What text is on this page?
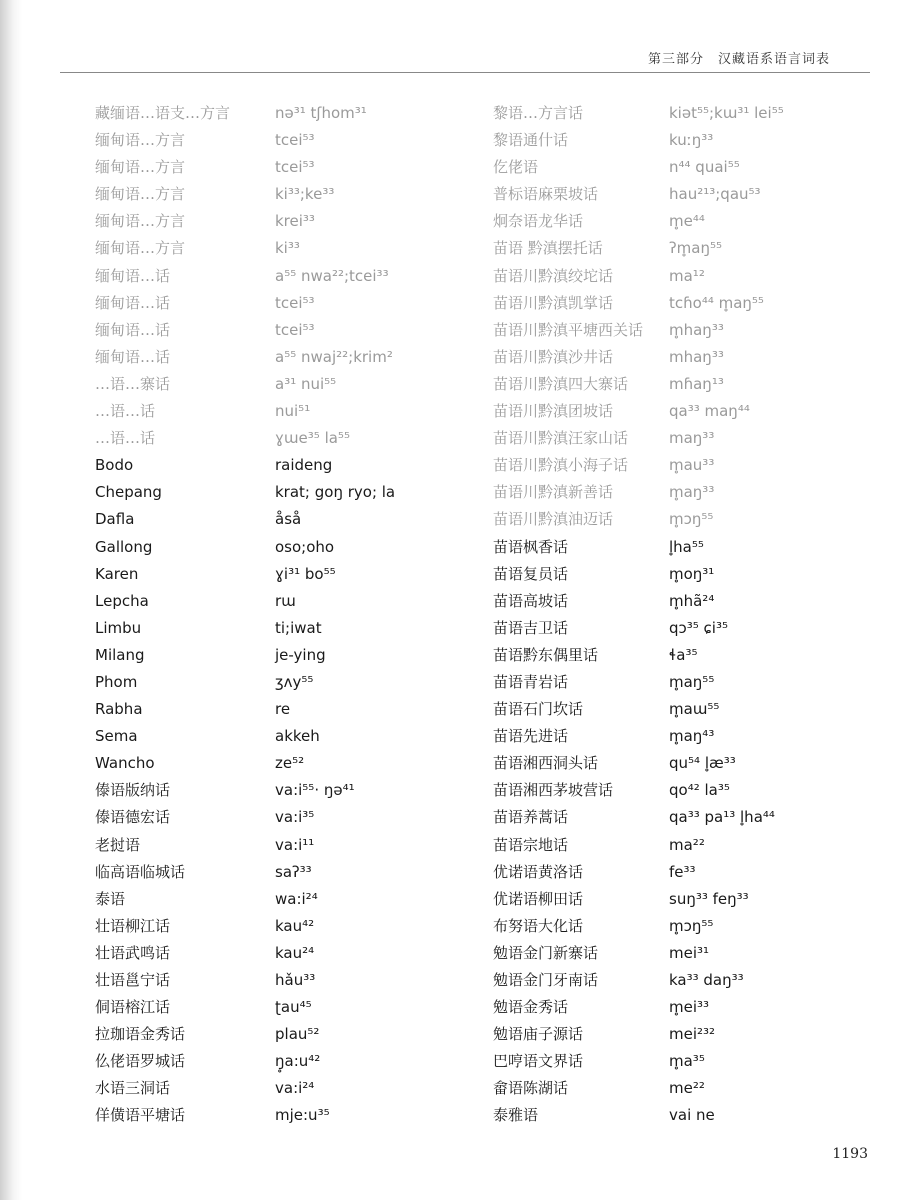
第三部分　汉藏语系语言词表
藏缅语…语支…方言	nə³¹ tʃhom³¹
缅甸语…方言	tcei⁵³
缅甸语…方言	tcei⁵³
缅甸语…方言	ki³³;ke³³
缅甸语…方言	krei³³
缅甸语…方言	ki³³
缅甸语…话	a⁵⁵ nwa²²;tcei³³
缅甸语…话	tcei⁵³
缅甸语…话	tcei⁵³
缅甸语…话	a⁵⁵ nwaj²²;krim²
…语…寨话	a³¹ nui⁵⁵
…语…话	nui⁵¹
…语…话	ɣɯe³⁵ la⁵⁵
Bodo	raideng
Chepang	krat; goŋ ryo; la
Dafla	åså
Gallong	oso;oho
Karen	ɣi³¹ bo⁵⁵
Lepcha	rɯ
Limbu	ti;iwat
Milang	je-ying
Phom	ʒʌy⁵⁵
Rabha	re
Sema	akkeh
Wancho	ze⁵²
傣语版纳话	va:i⁵⁵· ŋə⁴¹
傣语德宏话	va:i³⁵
老挝语	va:i¹¹
临高语临城话	saʔ³³
泰语	wa:i²⁴
壮语柳江话	kau⁴²
壮语武鸣话	kau²⁴
壮语邕宁话	hǎu³³
侗语榕江话	ʈau⁴⁵
拉珈语金秀话	plau⁵²
仫佬语罗城话	ŋ̥a:u⁴²
水语三洞话	va:i²⁴
佯僙语平塘话	mje:u³⁵
黎语…方言话	kiət⁵⁵;kɯ³¹ lei⁵⁵
黎语通什话	kuːŋ³³
仡佬语	n⁴⁴ quai⁵⁵
普标语麻栗坡话	hau²¹³;qau⁵³
炯奈语龙华话	m̥e⁴⁴
苗语 黔滇摆托话	ʔm̥aŋ⁵⁵
苗语川黔滇绞坨话	ma¹²
苗语川黔滇凯掌话	tcɦo⁴⁴ m̥aŋ⁵⁵
苗语川黔滇平塘西关话 m̥haŋ³³
苗语川黔滇沙井话	mhaŋ³³
苗语川黔滇四大寨话	mɦaŋ¹³
苗语川黔滇团坡话	qa³³ maŋ⁴⁴
苗语川黔滇汪家山话	maŋ³³
苗语川黔滇小海子话	m̥au³³
苗语川黔滇新善话	m̥aŋ³³
苗语川黔滇油迈话	m̥ɔŋ⁵⁵
苗语枫香话	l̥ha⁵⁵
苗语复员话	m̥oŋ³¹
苗语高坡话	m̥hã²⁴
苗语吉卫话	qɔ³⁵ ɕi³⁵
苗语黔东偶里话	ɬa³⁵
苗语青岩话	m̥aŋ⁵⁵
苗语石门坎话	m̥aɯ⁵⁵
苗语先进话	m̥aŋ⁴³
苗语湘西洞头话	qu⁵⁴ l̥æ³³
苗语湘西茅坡营话	qo⁴² la³⁵
苗语养蒿话	qa³³ pa¹³ l̥ha⁴⁴
苗语宗地话	ma²²
优诺语黄洛话	fe³³
优诺语柳田话	suŋ³³ feŋ³³
布努语大化话	m̥ɔŋ⁵⁵
勉语金门新寨话	mei³¹
勉语金门牙南话	ka³³ daŋ³³
勉语金秀话	m̥ei³³
勉语庙子源话	mei²³²
巴哼语文界话	m̥a³⁵
畲语陈湖话	me²²
泰雅语	vai ne
1193
